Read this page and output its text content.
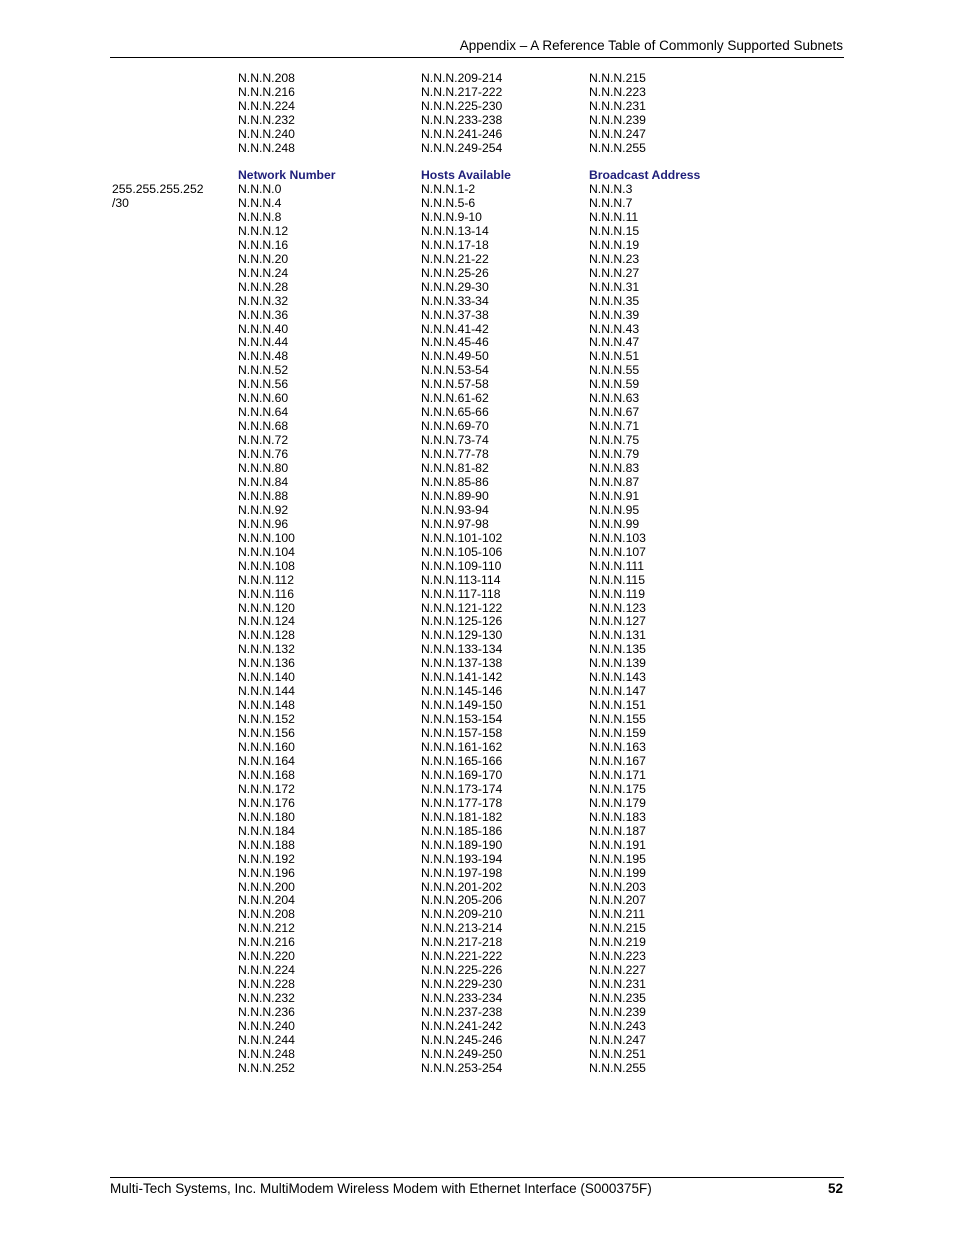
Appendix – A Reference Table of Commonly Supported Subnets
N.N.N.208	N.N.N.209-214	N.N.N.215
N.N.N.216	N.N.N.217-222	N.N.N.223
N.N.N.224	N.N.N.225-230	N.N.N.231
N.N.N.232	N.N.N.233-238	N.N.N.239
N.N.N.240	N.N.N.241-246	N.N.N.247
N.N.N.248	N.N.N.249-254	N.N.N.255
Network Number	Hosts Available	Broadcast Address
255.255.255.252	N.N.N.0	N.N.N.1-2	N.N.N.3
/30	N.N.N.4	N.N.N.5-6	N.N.N.7
N.N.N.8	N.N.N.9-10	N.N.N.11
N.N.N.12	N.N.N.13-14	N.N.N.15
N.N.N.16	N.N.N.17-18	N.N.N.19
N.N.N.20	N.N.N.21-22	N.N.N.23
N.N.N.24	N.N.N.25-26	N.N.N.27
N.N.N.28	N.N.N.29-30	N.N.N.31
N.N.N.32	N.N.N.33-34	N.N.N.35
N.N.N.36	N.N.N.37-38	N.N.N.39
N.N.N.40	N.N.N.41-42	N.N.N.43
N.N.N.44	N.N.N.45-46	N.N.N.47
N.N.N.48	N.N.N.49-50	N.N.N.51
N.N.N.52	N.N.N.53-54	N.N.N.55
N.N.N.56	N.N.N.57-58	N.N.N.59
N.N.N.60	N.N.N.61-62	N.N.N.63
N.N.N.64	N.N.N.65-66	N.N.N.67
N.N.N.68	N.N.N.69-70	N.N.N.71
N.N.N.72	N.N.N.73-74	N.N.N.75
N.N.N.76	N.N.N.77-78	N.N.N.79
N.N.N.80	N.N.N.81-82	N.N.N.83
N.N.N.84	N.N.N.85-86	N.N.N.87
N.N.N.88	N.N.N.89-90	N.N.N.91
N.N.N.92	N.N.N.93-94	N.N.N.95
N.N.N.96	N.N.N.97-98	N.N.N.99
N.N.N.100	N.N.N.101-102	N.N.N.103
N.N.N.104	N.N.N.105-106	N.N.N.107
N.N.N.108	N.N.N.109-110	N.N.N.111
N.N.N.112	N.N.N.113-114	N.N.N.115
N.N.N.116	N.N.N.117-118	N.N.N.119
N.N.N.120	N.N.N.121-122	N.N.N.123
N.N.N.124	N.N.N.125-126	N.N.N.127
N.N.N.128	N.N.N.129-130	N.N.N.131
N.N.N.132	N.N.N.133-134	N.N.N.135
N.N.N.136	N.N.N.137-138	N.N.N.139
N.N.N.140	N.N.N.141-142	N.N.N.143
N.N.N.144	N.N.N.145-146	N.N.N.147
N.N.N.148	N.N.N.149-150	N.N.N.151
N.N.N.152	N.N.N.153-154	N.N.N.155
N.N.N.156	N.N.N.157-158	N.N.N.159
N.N.N.160	N.N.N.161-162	N.N.N.163
N.N.N.164	N.N.N.165-166	N.N.N.167
N.N.N.168	N.N.N.169-170	N.N.N.171
N.N.N.172	N.N.N.173-174	N.N.N.175
N.N.N.176	N.N.N.177-178	N.N.N.179
N.N.N.180	N.N.N.181-182	N.N.N.183
N.N.N.184	N.N.N.185-186	N.N.N.187
N.N.N.188	N.N.N.189-190	N.N.N.191
N.N.N.192	N.N.N.193-194	N.N.N.195
N.N.N.196	N.N.N.197-198	N.N.N.199
N.N.N.200	N.N.N.201-202	N.N.N.203
N.N.N.204	N.N.N.205-206	N.N.N.207
N.N.N.208	N.N.N.209-210	N.N.N.211
N.N.N.212	N.N.N.213-214	N.N.N.215
N.N.N.216	N.N.N.217-218	N.N.N.219
N.N.N.220	N.N.N.221-222	N.N.N.223
N.N.N.224	N.N.N.225-226	N.N.N.227
N.N.N.228	N.N.N.229-230	N.N.N.231
N.N.N.232	N.N.N.233-234	N.N.N.235
N.N.N.236	N.N.N.237-238	N.N.N.239
N.N.N.240	N.N.N.241-242	N.N.N.243
N.N.N.244	N.N.N.245-246	N.N.N.247
N.N.N.248	N.N.N.249-250	N.N.N.251
N.N.N.252	N.N.N.253-254	N.N.N.255
Multi-Tech Systems, Inc. MultiModem Wireless Modem with Ethernet Interface (S000375F)	52
